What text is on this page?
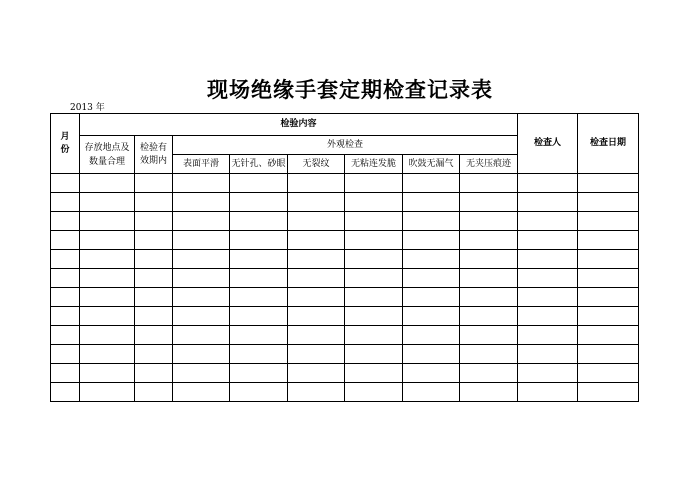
现场绝缘手套定期检查记录表
2013 年
月份	检验内容								检查人	检查日期
	存放地点及数量合理	检验有效期内	外观检查							
			表面平滑	无针孔、砂眼	无裂纹	无粘连发脆	吹鼓无漏气	无夹压痕迹		
